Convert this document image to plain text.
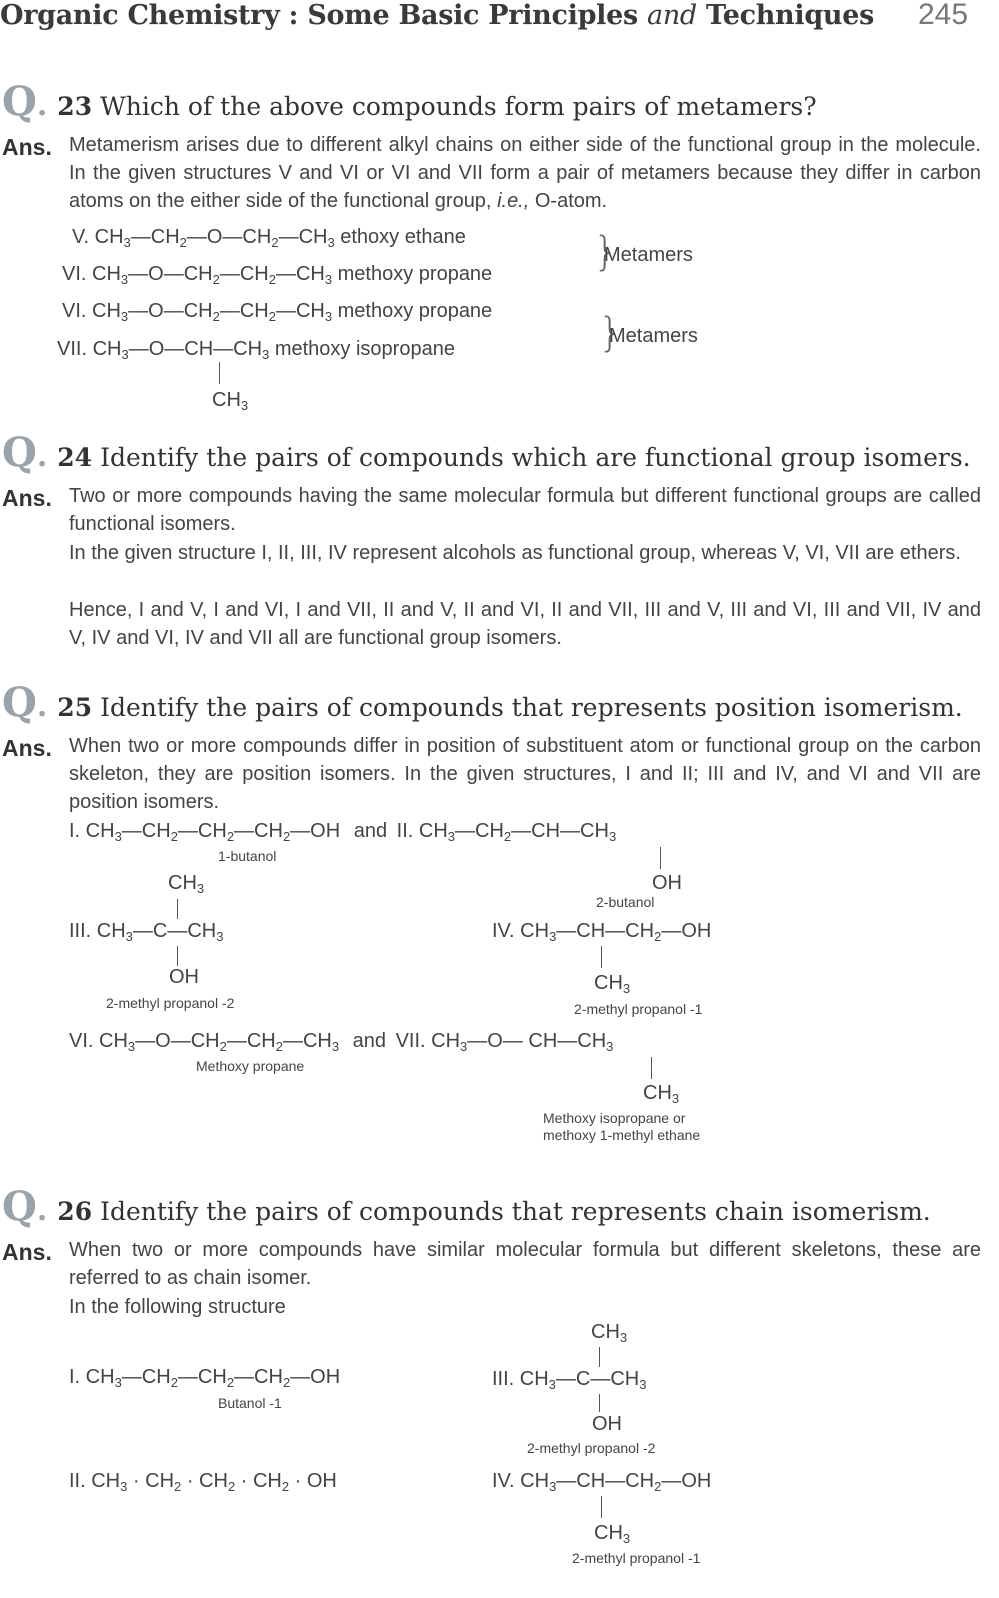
Organic Chemistry : Some Basic Principles and Techniques 245
Q . 23 Which of the above compounds form pairs of metamers?
Ans. Metamerism arises due to different alkyl chains on either side of the functional group in the molecule. In the given structures V and VI or VI and VII form a pair of metamers because they differ in carbon atoms on the either side of the functional group, i.e., O-atom.
V. $CH_3—CH_2—O—CH_2—CH_3$ ethoxy ethane
VI. $CH_3—O—CH_2—CH_2—CH_3$ methoxy propane	}
Metamers
VI. $CH_3—O—CH_2—CH_2—CH_3$ methoxy propane
VII. $CH_3—O—CH—CH_3$ methoxy isopropane	}
Metamers
$CH_3$
Q . 24 Identify the pairs of compounds which are functional group isomers.
Ans. Two or more compounds having the same molecular formula but different functional groups are called functional isomers.
In the given structure I, II, III, IV represent alcohols as functional group, whereas V, VI, VII are ethers.
Hence, I and V, I and VI, I and VII, II and V, II and VI, II and VII, III and V, III and VI, III and VII, IV and V, IV and VI, IV and VII all are functional group isomers.
Q . 25 Identify the pairs of compounds that represents position isomerism.
Ans. When two or more compounds differ in position of substituent atom or functional group on the carbon skeleton, they are position isomers. In the given structures, I and II; III and IV, and VI and VII are position isomers.
I. $CH_3—CH_2—CH_2—CH_2—OH$ and II. $CH_3—CH_2—CH—CH_3$
1-butanol
OH
2-butanol
$CH_3$
III. $CH_3—C—CH_3$
OH
2-methyl propanol -2
IV. $CH_3—CH—CH_2—OH$
$CH_3$
2-methyl propanol -1
VI. $CH_3—O—CH_2—CH_2—CH_3$ and VII. $CH_3—O—$ $CH—CH_3$
Methoxy propane
$CH_3$
Methoxy isopropane or
methoxy 1-methyl ethane
Q . 26 Identify the pairs of compounds that represents chain isomerism.
Ans. When two or more compounds have similar molecular formula but different skeletons, these are referred to as chain isomer.
In the following structure
I. $CH_3—CH_2—CH_2—CH_2—OH$
Butanol -1
$CH_3$
III. $CH_3—C—CH_3$
OH
2-methyl propanol -2
II. $CH_3 \cdot CH_2 \cdot CH_2 \cdot CH_2$ · OH	IV. $CH_3—CH—CH_2—OH$
$CH_3$
2-methyl propanol -1
